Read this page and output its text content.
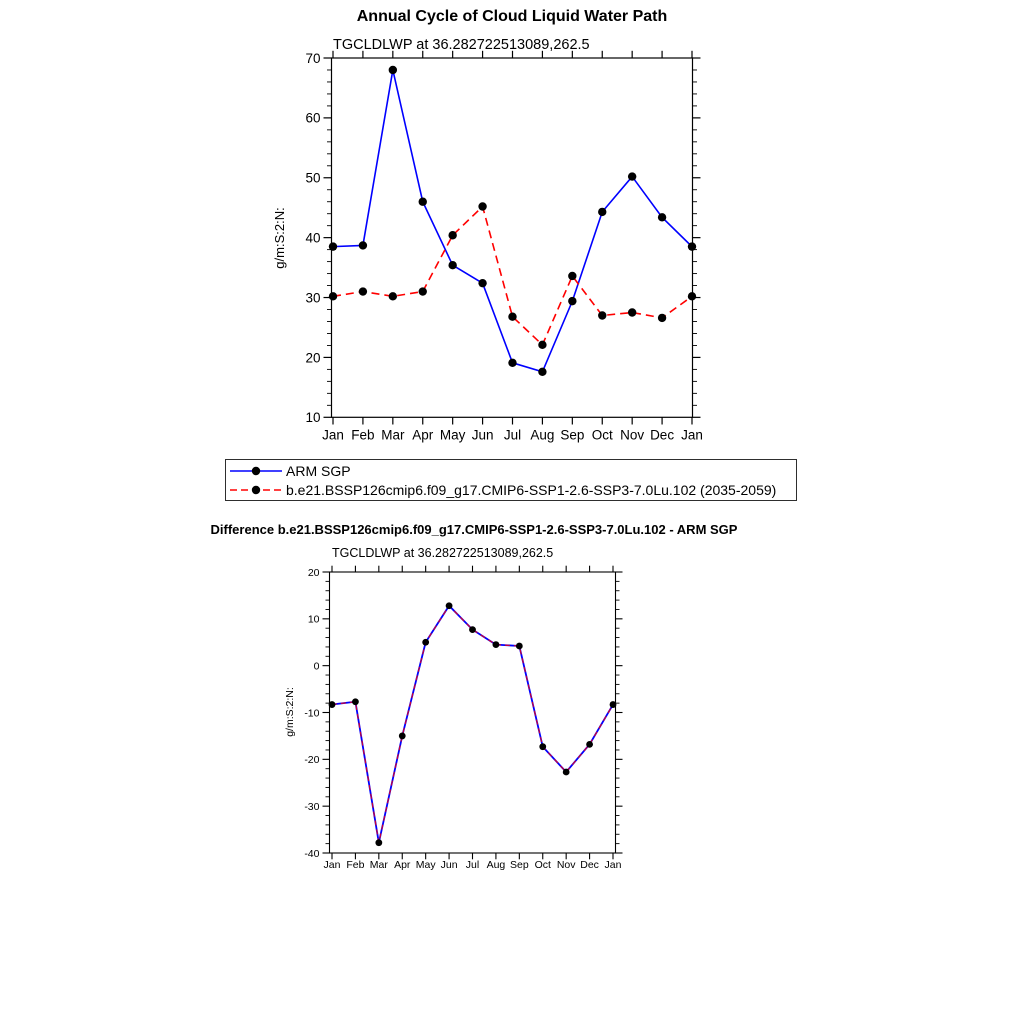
Annual Cycle of Cloud Liquid Water Path
TGCLDLWP at 36.282722513089,262.5
g/m:S:2:N:
10
20
30
40
50
60
70
Jan Feb Mar Apr May Jun Jul Aug Sep Oct Nov Dec Jan
Difference b.e21.BSSP126cmip6.f09_g17.CMIP6-SSP1-2.6-SSP3-7.0Lu.102 - ARM SGP
TGCLDLWP at 36.282722513089,262.5
g/m:S:2:N:
-40
-30
-20
-10
0
10
20
Jan Feb Mar Apr May Jun Jul Aug Sep Oct Nov Dec Jan
ARM SGP
b.e21.BSSP126cmip6.f09_g17.CMIP6-SSP1-2.6-SSP3-7.0Lu.102 (2035-2059)
